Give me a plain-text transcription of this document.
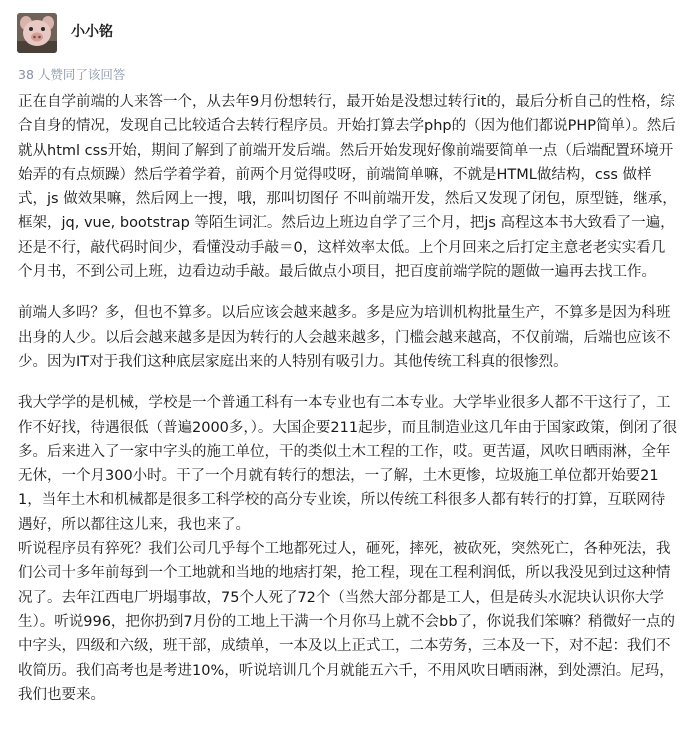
小小铭
38 人赞同了该回答

正在自学前端的人来答一个，从去年9月份想转行，最开始是没想过转行it的，最后分析自己的性格，综合自身的情况，发现自己比较适合去转行程序员。开始打算去学php的（因为他们都说PHP简单）。然后就从html css开始，期间了解到了前端开发后端。然后开始发现好像前端要简单一点（后端配置环境开始弄的有点烦躁）然后学着学着，前两个月觉得哎呀，前端简单嘛，不就是HTML做结构，css 做样式，js 做效果嘛，然后网上一搜，哦，那叫切图仔 不叫前端开发，然后又发现了闭包，原型链，继承，框架，jq, vue, bootstrap 等陌生词汇。然后边上班边自学了三个月，把js 高程这本书大致看了一遍，还是不行，敲代码时间少，看懂没动手敲＝0，这样效率太低。上个月回来之后打定主意老老实实看几个月书，不到公司上班，边看边动手敲。最后做点小项目，把百度前端学院的题做一遍再去找工作。

前端人多吗？多，但也不算多。以后应该会越来越多。多是应为培训机构批量生产，不算多是因为科班出身的人少。以后会越来越多是因为转行的人会越来越多，门槛会越来越高，不仅前端，后端也应该不少。因为IT对于我们这种底层家庭出来的人特别有吸引力。其他传统工科真的很惨烈。

我大学学的是机械，学校是一个普通工科有一本专业也有二本专业。大学毕业很多人都不干这行了，工作不好找，待遇很低（普遍2000多，）。大国企要211起步，而且制造业这几年由于国家政策，倒闭了很多。后来进入了一家中字头的施工单位，干的类似土木工程的工作，哎。更苦逼，风吹日晒雨淋，全年无休，一个月300小时。干了一个月就有转行的想法，一了解，土木更惨，垃圾施工单位都开始要211，当年土木和机械都是很多工科学校的高分专业诶，所以传统工科很多人都有转行的打算，互联网待遇好，所以都往这儿来，我也来了。

听说程序员有猝死？我们公司几乎每个工地都死过人，砸死，摔死，被砍死，突然死亡，各种死法，我们公司十多年前每到一个工地就和当地的地痞打架，抢工程，现在工程利润低，所以我没见到过这种情况了。去年江西电厂坍塌事故，75个人死了72个（当然大部分都是工人，但是砖头水泥块认识你大学生）。听说996，把你扔到7月份的工地上干满一个月你马上就不会bb了，你说我们笨嘛？稍微好一点的中字头，四级和六级，班干部，成绩单，一本及以上正式工，二本劳务，三本及一下，对不起：我们不收简历。我们高考也是考进10%，听说培训几个月就能五六千，不用风吹日晒雨淋，到处漂泊。尼玛，我们也要来。
